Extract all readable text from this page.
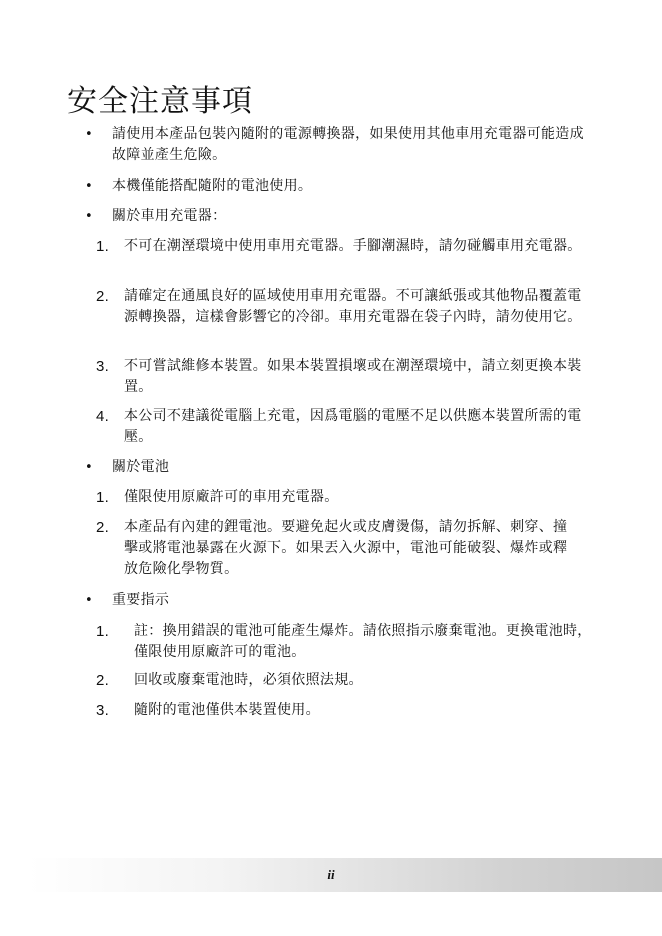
安全注意事項
• 請使用本產品包裝內隨附的電源轉換器，如果使用其他車用充電器可能造成故障並產生危險。
• 本機僅能搭配隨附的電池使用。
• 關於車用充電器：
1. 不可在潮溼環境中使用車用充電器。手腳潮濕時，請勿碰觸車用充電器。
2. 請確定在通風良好的區域使用車用充電器。不可讓紙張或其他物品覆蓋電源轉換器，這樣會影響它的冷卻。車用充電器在袋子內時，請勿使用它。
3. 不可嘗試維修本裝置。如果本裝置損壞或在潮溼環境中，請立刻更換本裝置。
4. 本公司不建議從電腦上充電，因爲電腦的電壓不足以供應本裝置所需的電壓。
• 關於電池
1. 僅限使用原廠許可的車用充電器。
2. 本產品有內建的鋰電池。要避免起火或皮膚燙傷，請勿拆解、刺穿、撞擊或將電池暴露在火源下。如果丟入火源中，電池可能破裂、爆炸或釋放危險化學物質。
• 重要指示
1. 註：換用錯誤的電池可能產生爆炸。請依照指示廢棄電池。更換電池時，僅限使用原廠許可的電池。
2. 回收或廢棄電池時，必須依照法規。
3. 隨附的電池僅供本裝置使用。
ii
